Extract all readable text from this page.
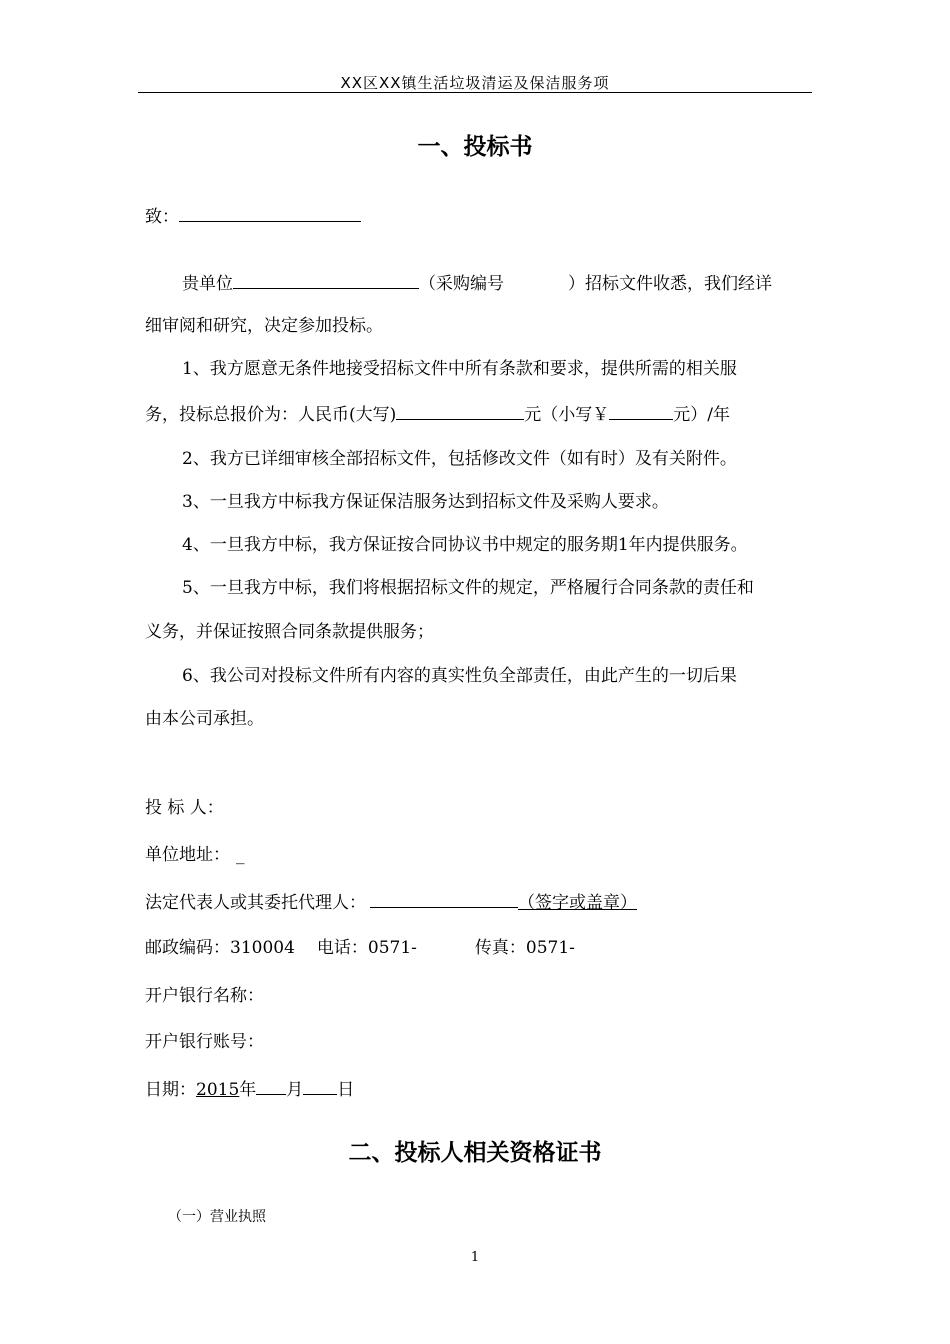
XX区XX镇生活垃圾清运及保洁服务项
一、投标书
致：
贵单位	（采购编号	）招标文件收悉，我们经详
细审阅和研究，决定参加投标。
1、我方愿意无条件地接受招标文件中所有条款和要求，提供所需的相关服
务，投标总报价为：人民币(大写)	元（小写￥	元）/年
2、我方已详细审核全部招标文件，包括修改文件（如有时）及有关附件。
3、一旦我方中标我方保证保洁服务达到招标文件及采购人要求。
4、一旦我方中标，我方保证按合同协议书中规定的服务期1年内提供服务。
5、一旦我方中标，我们将根据招标文件的规定，严格履行合同条款的责任和
义务，并保证按照合同条款提供服务；
6、我公司对投标文件所有内容的真实性负全部责任，由此产生的一切后果
由本公司承担。
投 标 人：
单位地址： _
法定代表人或其委托代理人：	（签字或盖章）
邮政编码：310004 电话：0571-	传真：0571-
开户银行名称：
开户银行账号：
日期：2015年 月 日
二、投标人相关资格证书
（一）营业执照
1
